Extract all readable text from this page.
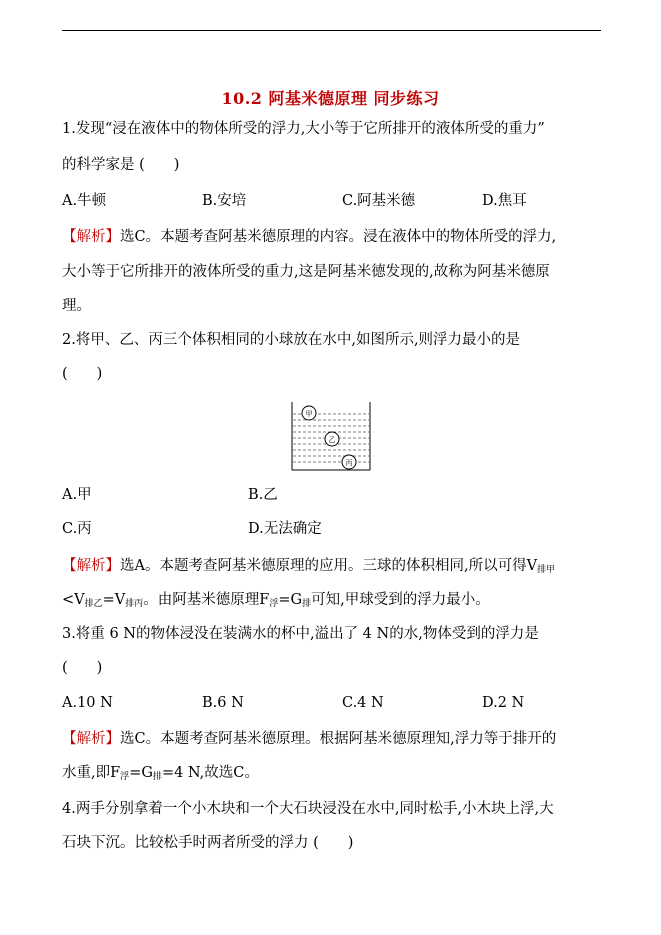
10.2 阿基米德原理 同步练习
1.发现“浸在液体中的物体所受的浮力,大小等于它所排开的液体所受的重力”
的科学家是 (　　)
A.牛顿	B.安培	C.阿基米德	D.焦耳
【解析】选C。本题考查阿基米德原理的内容。浸在液体中的物体所受的浮力,
大小等于它所排开的液体所受的重力,这是阿基米德发现的,故称为阿基米德原
理。
2.将甲、乙、丙三个体积相同的小球放在水中,如图所示,则浮力最小的是
(　　)
甲
乙
丙
A.甲	B.乙
C.丙	D.无法确定
【解析】选A。本题考查阿基米德原理的应用。三球的体积相同,所以可得$V_{排甲}$
$<V_{排乙}=V_{排丙}$。由阿基米德原理$F_浮=G_排$可知,甲球受到的浮力最小。
3.将重 6 N的物体浸没在装满水的杯中,溢出了 4 N的水,物体受到的浮力是
(　　)
A.10 N	B.6 N	C.4 N	D.2 N
【解析】选C。本题考查阿基米德原理。根据阿基米德原理知,浮力等于排开的
水重,即$F_浮=G_排=4$ N,故选C。
4.两手分别拿着一个小木块和一个大石块浸没在水中,同时松手,小木块上浮,大
石块下沉。比较松手时两者所受的浮力 (　　)
